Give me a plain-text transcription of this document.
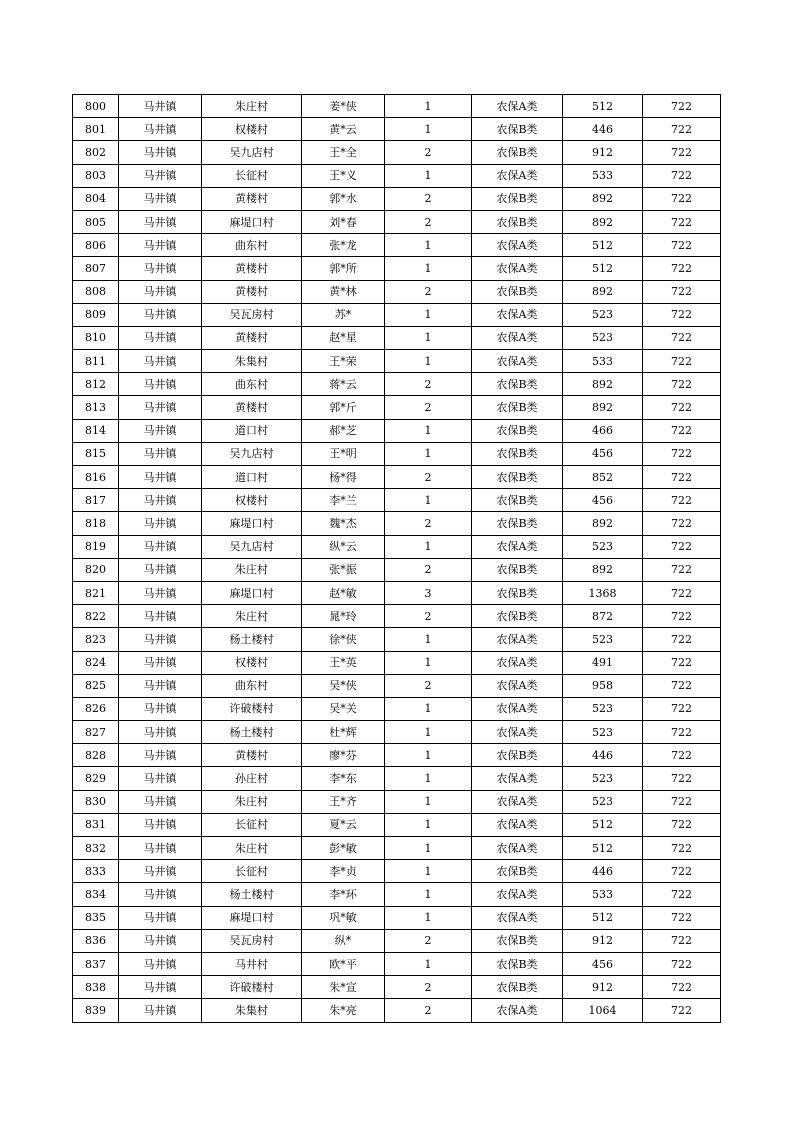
800	马井镇	朱庄村	姜*侠	1	农保A类	512	722
801	马井镇	权楼村	黄*云	1	农保B类	446	722
802	马井镇	吴九店村	王*全	2	农保B类	912	722
803	马井镇	长征村	王*义	1	农保A类	533	722
804	马井镇	黄楼村	郭*水	2	农保B类	892	722
805	马井镇	麻堤口村	刘*春	2	农保B类	892	722
806	马井镇	曲东村	张*龙	1	农保A类	512	722
807	马井镇	黄楼村	郭*所	1	农保A类	512	722
808	马井镇	黄楼村	黄*林	2	农保B类	892	722
809	马井镇	吴瓦房村	苏*	1	农保A类	523	722
810	马井镇	黄楼村	赵*星	1	农保A类	523	722
811	马井镇	朱集村	王*荣	1	农保A类	533	722
812	马井镇	曲东村	蒋*云	2	农保B类	892	722
813	马井镇	黄楼村	郭*斤	2	农保B类	892	722
814	马井镇	道口村	郝*芝	1	农保B类	466	722
815	马井镇	吴九店村	王*明	1	农保B类	456	722
816	马井镇	道口村	杨*得	2	农保B类	852	722
817	马井镇	权楼村	李*兰	1	农保B类	456	722
818	马井镇	麻堤口村	魏*杰	2	农保B类	892	722
819	马井镇	吴九店村	纵*云	1	农保A类	523	722
820	马井镇	朱庄村	张*振	2	农保B类	892	722
821	马井镇	麻堤口村	赵*敏	3	农保B类	1368	722
822	马井镇	朱庄村	晁*玲	2	农保B类	872	722
823	马井镇	杨土楼村	徐*侠	1	农保A类	523	722
824	马井镇	权楼村	王*英	1	农保A类	491	722
825	马井镇	曲东村	吴*侠	2	农保A类	958	722
826	马井镇	许破楼村	吴*关	1	农保A类	523	722
827	马井镇	杨土楼村	杜*辉	1	农保A类	523	722
828	马井镇	黄楼村	廖*芬	1	农保B类	446	722
829	马井镇	孙庄村	李*东	1	农保A类	523	722
830	马井镇	朱庄村	王*齐	1	农保A类	523	722
831	马井镇	长征村	夏*云	1	农保A类	512	722
832	马井镇	朱庄村	彭*敏	1	农保A类	512	722
833	马井镇	长征村	李*贞	1	农保B类	446	722
834	马井镇	杨土楼村	李*环	1	农保A类	533	722
835	马井镇	麻堤口村	巩*敏	1	农保A类	512	722
836	马井镇	吴瓦房村	纵*	2	农保B类	912	722
837	马井镇	马井村	欧*平	1	农保B类	456	722
838	马井镇	许破楼村	朱*宣	2	农保B类	912	722
839	马井镇	朱集村	朱*亮	2	农保A类	1064	722
